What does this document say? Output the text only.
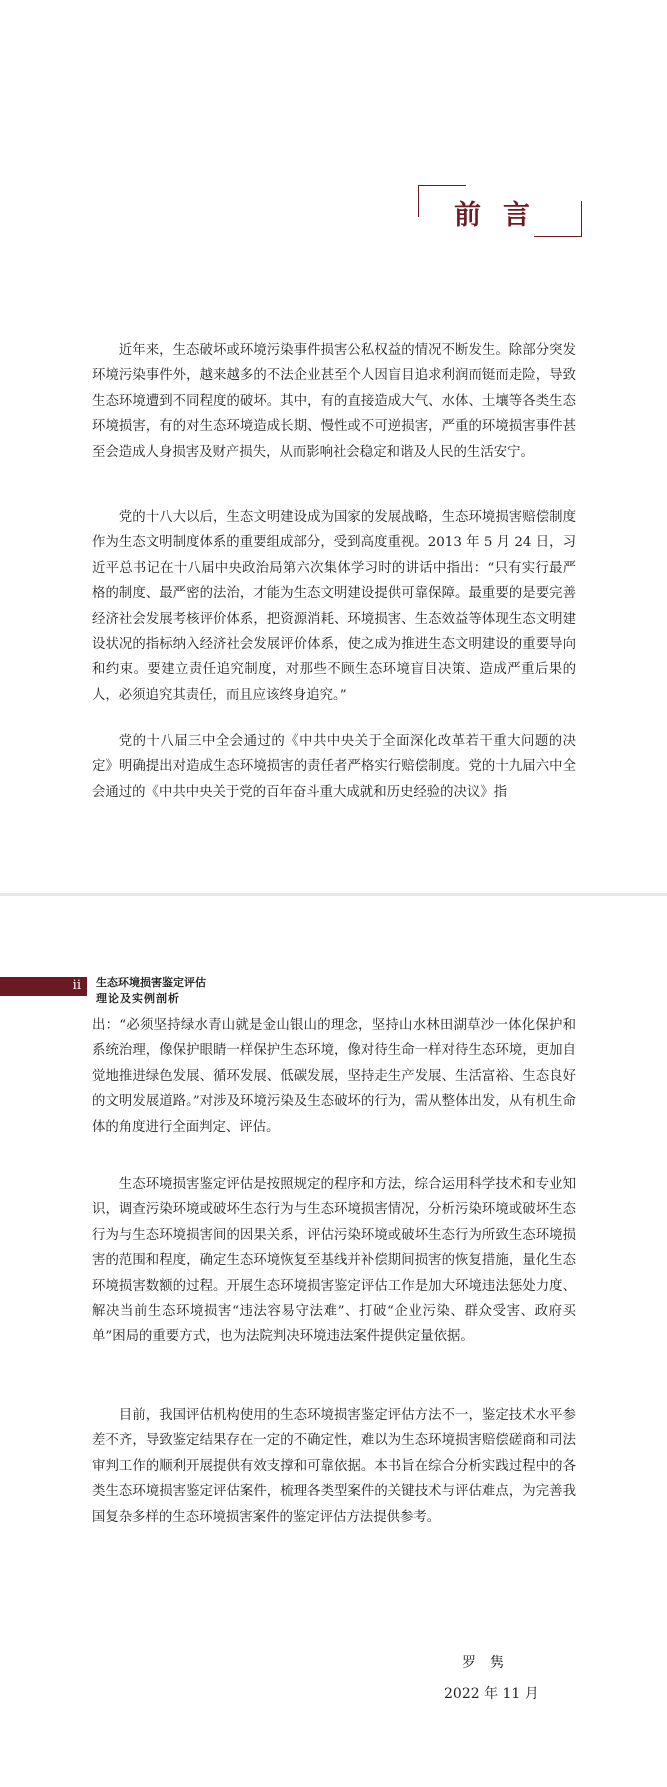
前言

近年来，生态破坏或环境污染事件损害公私权益的情况不断发生。除部分突发环境污染事件外，越来越多的不法企业甚至个人因盲目追求利润而铤而走险，导致生态环境遭到不同程度的破坏。其中，有的直接造成大气、水体、土壤等各类生态环境损害，有的对生态环境造成长期、慢性或不可逆损害，严重的环境损害事件甚至会造成人身损害及财产损失，从而影响社会稳定和谐及人民的生活安宁。

党的十八大以后，生态文明建设成为国家的发展战略，生态环境损害赔偿制度作为生态文明制度体系的重要组成部分，受到高度重视。2013 年 5 月 24 日，习近平总书记在十八届中央政治局第六次集体学习时的讲话中指出：“只有实行最严格的制度、最严密的法治，才能为生态文明建设提供可靠保障。最重要的是要完善经济社会发展考核评价体系，把资源消耗、环境损害、生态效益等体现生态文明建设状况的指标纳入经济社会发展评价体系，使之成为推进生态文明建设的重要导向和约束。要建立责任追究制度，对那些不顾生态环境盲目决策、造成严重后果的人，必须追究其责任，而且应该终身追究。”

党的十八届三中全会通过的《中共中央关于全面深化改革若干重大问题的决定》明确提出对造成生态环境损害的责任者严格实行赔偿制度。党的十九届六中全会通过的《中共中央关于党的百年奋斗重大成就和历史经验的决议》指

ii 生态环境损害鉴定评估
理论及实例剖析

出：“必须坚持绿水青山就是金山银山的理念，坚持山水林田湖草沙一体化保护和系统治理，像保护眼睛一样保护生态环境，像对待生命一样对待生态环境，更加自觉地推进绿色发展、循环发展、低碳发展，坚持走生产发展、生活富裕、生态良好的文明发展道路。”对涉及环境污染及生态破坏的行为，需从整体出发，从有机生命体的角度进行全面判定、评估。

生态环境损害鉴定评估是按照规定的程序和方法，综合运用科学技术和专业知识，调查污染环境或破坏生态行为与生态环境损害情况，分析污染环境或破坏生态行为与生态环境损害间的因果关系，评估污染环境或破坏生态行为所致生态环境损害的范围和程度，确定生态环境恢复至基线并补偿期间损害的恢复措施，量化生态环境损害数额的过程。开展生态环境损害鉴定评估工作是加大环境违法惩处力度、解决当前生态环境损害“违法容易守法难”、打破“企业污染、群众受害、政府买单”困局的重要方式，也为法院判决环境违法案件提供定量依据。

目前，我国评估机构使用的生态环境损害鉴定评估方法不一，鉴定技术水平参差不齐，导致鉴定结果存在一定的不确定性，难以为生态环境损害赔偿磋商和司法审判工作的顺利开展提供有效支撑和可靠依据。本书旨在综合分析实践过程中的各类生态环境损害鉴定评估案件，梳理各类型案件的关键技术与评估难点，为完善我国复杂多样的生态环境损害案件的鉴定评估方法提供参考。

罗隽
2022 年 11 月
